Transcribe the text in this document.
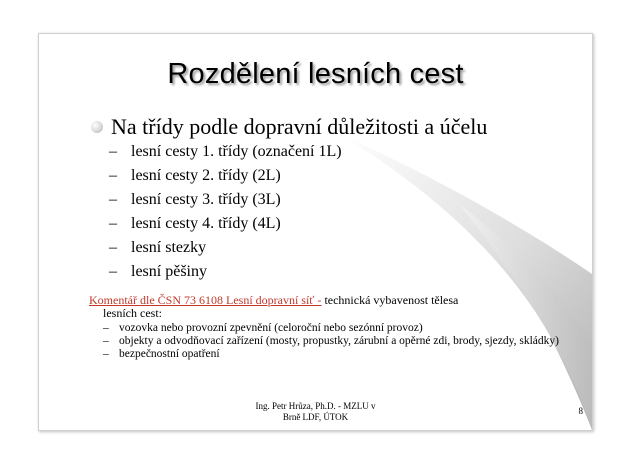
Rozdělení lesních cest
Na třídy podle dopravní důležitosti a účelu
– lesní cesty 1. třídy (označení 1L)
– lesní cesty 2. třídy (2L)
– lesní cesty 3. třídy (3L)
– lesní cesty 4. třídy (4L)
– lesní stezky
– lesní pěšiny
Komentář dle ČSN 73 6108 Lesní dopravní síť - technická vybavenost tělesa
lesních cest:
– vozovka nebo provozní zpevnění (celoroční nebo sezónní provoz)
– objekty a odvodňovací zařízení (mosty, propustky, zárubní a opěrné zdi, brody, sjezdy, skládky)
– bezpečnostní opatření
Ing. Petr Hrůza, Ph.D. - MZLU v
Brně LDF, ÚTOK
8
